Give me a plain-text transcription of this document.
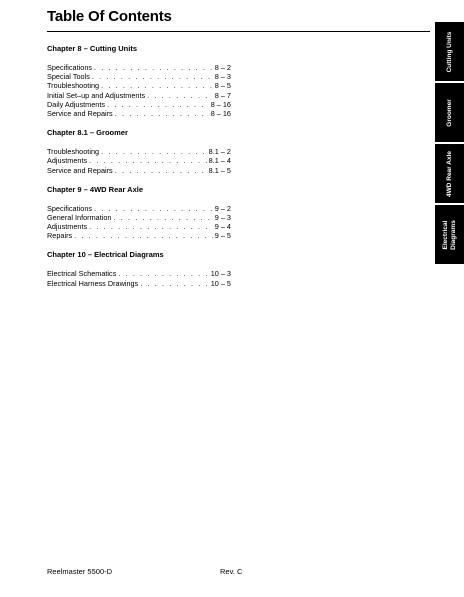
Table Of Contents
Chapter 8 – Cutting Units
Specifications . . .	8 – 2
Special Tools . . .	8 – 3
Troubleshooting . . .	8 – 5
Initial Set–up and Adjustments . . .	8 – 7
Daily Adjustments . . .	8 – 16
Service and Repairs . . .	8 – 16
Chapter 8.1 – Groomer
Troubleshooting . . .	8.1 – 2
Adjustments . . .	8.1 – 4
Service and Repairs . . .	8.1 – 5
Chapter 9 – 4WD Rear Axle
Specifications . . .	9 – 2
General Information . . .	9 – 3
Adjustments . . .	9 – 4
Repairs . . .	9 – 5
Chapter 10 – Electrical Diagrams
Electrical Schematics . . .	10 – 3
Electrical Harness Drawings . . .	10 – 5
Cutting Units
Groomer
4WD Rear Axle
Electrical
Diagrams
Reelmaster 5500-D	Rev. C
